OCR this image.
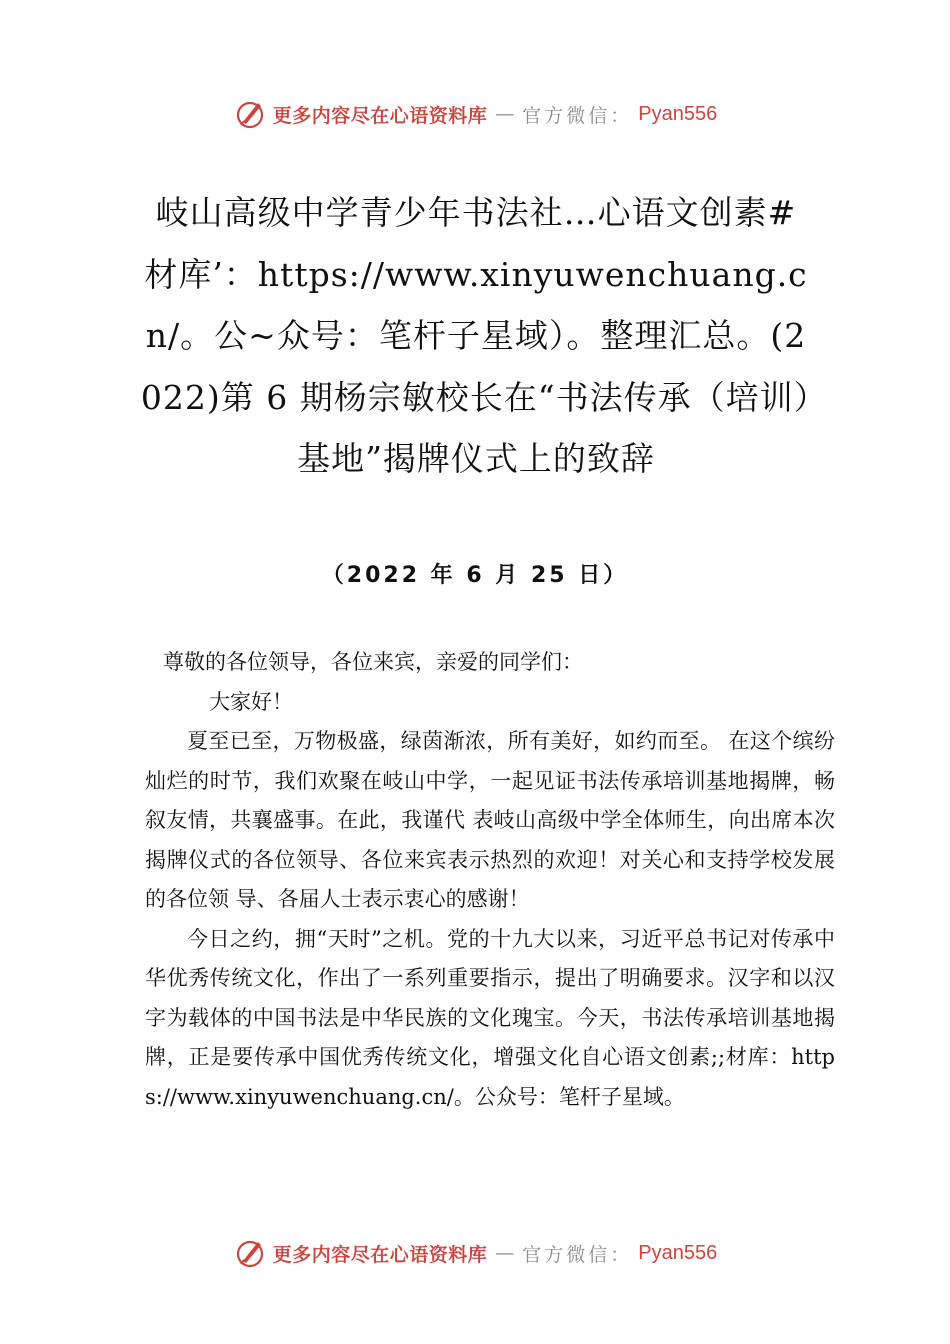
更多内容尽在心语资料库 — 官方微信： Pyan556
岐山高级中学青少年书法社…心语文创素#材库’：https://www.xinyuwenchuang.cn/。公~众号：笔杆子星域）。整理汇总。(2022)第 6 期杨宗敏校长在“书法传承（培训）基地”揭牌仪式上的致辞
（2022 年 6 月 25 日）

尊敬的各位领导，各位来宾，亲爱的同学们：

大家好！

夏至已至，万物极盛，绿茵渐浓，所有美好，如约而至。 在这个缤纷灿烂的时节，我们欢聚在岐山中学，一起见证书法传承培训基地揭牌，畅叙友情，共襄盛事。在此，我谨代 表岐山高级中学全体师生，向出席本次揭牌仪式的各位领导、各位来宾表示热烈的欢迎！对关心和支持学校发展的各位领 导、各届人士表示衷心的感谢！

今日之约，拥“天时”之机。党的十九大以来，习近平总书记对传承中华优秀传统文化，作出了一系列重要指示，提出了明确要求。汉字和以汉字为载体的中国书法是中华民族的文化瑰宝。今天，书法传承培训基地揭牌，正是要传承中国优秀传统文化，增强文化自心语文创素;;材库：https://www.xinyuwenchuang.cn/。公众号：笔杆子星域。

更多内容尽在心语资料库 — 官方微信： Pyan556
